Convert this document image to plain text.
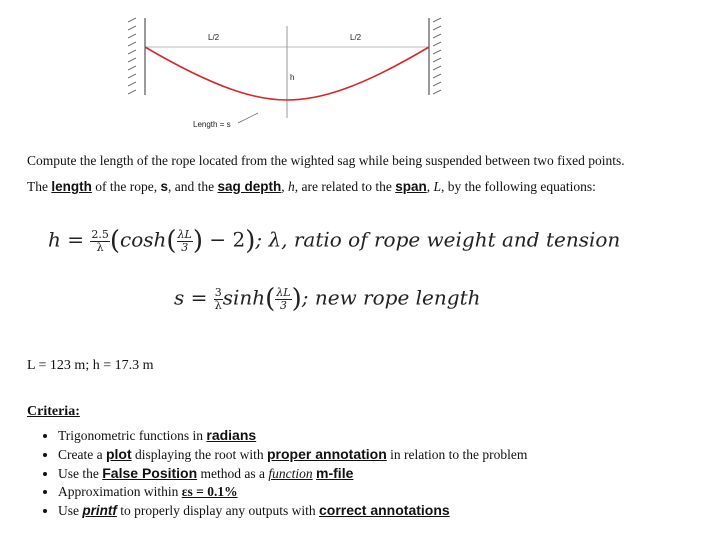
L/2	L/2
h
Length = s
Compute the length of the rope located from the wighted sag while being suspended between two fixed points.
The length of the rope, s, and the sag depth, h, are related to the span, L, by the following equations:
$h = \frac{2.5}{\lambda} (\cosh( \frac{\lambda L}{3}$ ) − 2); λ, ratio of rope weight and tension
$s = \frac{3}{\lambda} \sinh( \frac{\lambda L}{3}$ ); new rope length
L = 123 m; h = 17.3 m
Criteria:
• Trigonometric functions in radians
• Create a plot displaying the root with proper annotation in relation to the problem
• Use the False Position method as a function m-file
• Approximation within εs = 0.1%
• Use printf to properly display any outputs with correct annotations
